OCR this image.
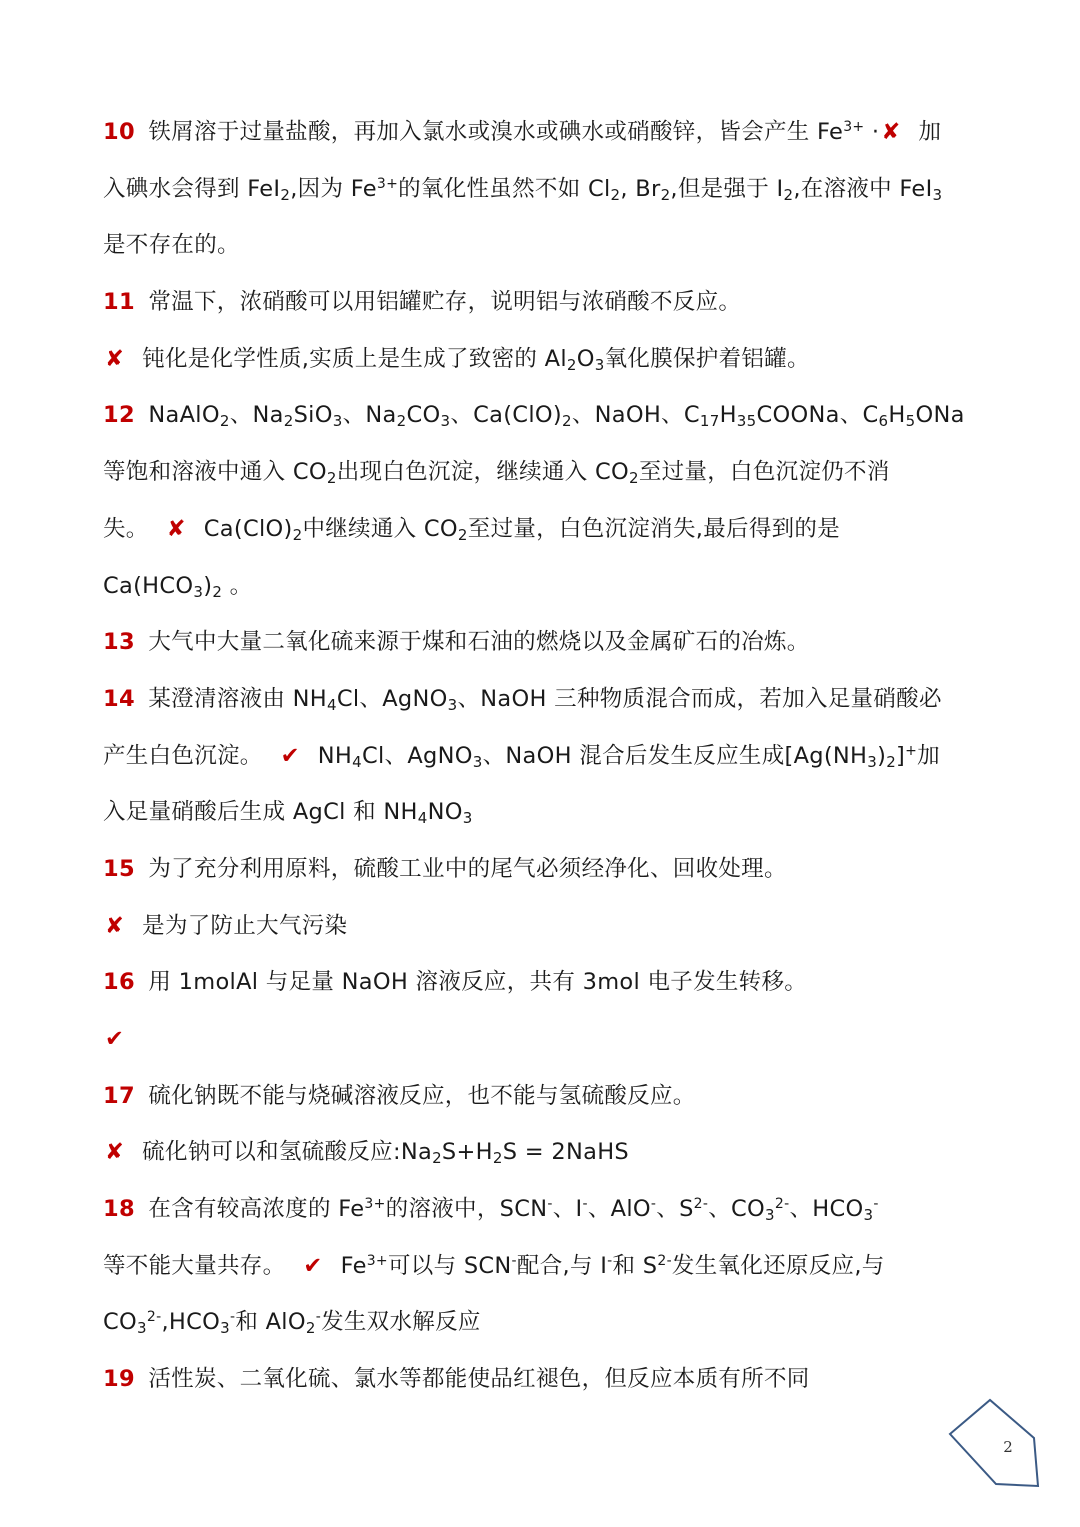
10 铁屑溶于过量盐酸，再加入氯水或溴水或碘水或硝酸锌，皆会产生 $Fe^{3+}$ ·✘ 加
入碘水会得到 FeI$_2$,因为 $Fe^{3+}$的氧化性虽然不如 $Cl_2$, $Br_2$,但是强于 $I_2$,在溶液中 FeI$_3$
是不存在的。
11 常温下，浓硝酸可以用铝罐贮存，说明铝与浓硝酸不反应。
✘ 钝化是化学性质,实质上是生成了致密的 $Al_2O_3$氧化膜保护着铝罐。
12 NaAlO$_2$、$Na_2SiO_3$、$Na_2CO_3$、$Ca(ClO)_2$、NaOH、$C_{17}H_{35}COONa$、$C_6H_5ONa$
等饱和溶液中通入 $CO_2$出现白色沉淀，继续通入 $CO_2$至过量，白色沉淀仍不消
失。 ✘ $Ca(ClO)_2$中继续通入 $CO_2$至过量，白色沉淀消失,最后得到的是
$Ca(HCO_3)_2$ 。
13 大气中大量二氧化硫来源于煤和石油的燃烧以及金属矿石的冶炼。
14 某澄清溶液由 $NH_4Cl$、AgNO$_3$、NaOH 三种物质混合而成，若加入足量硝酸必
产生白色沉淀。 ✔ $NH_4Cl$、AgNO$_3$、NaOH 混合后发生反应生成$[Ag(NH_3)_2]^+$加
入足量硝酸后生成 AgCl 和 $NH_4NO_3$
15 为了充分利用原料，硫酸工业中的尾气必须经净化、回收处理。
✘ 是为了防止大气污染
16 用 1molAl 与足量 NaOH 溶液反应，共有 3mol 电子发生转移。
✔
17 硫化钠既不能与烧碱溶液反应，也不能与氢硫酸反应。
✘ 硫化钠可以和氢硫酸反应$:Na_2S+H_2S$ = 2NaHS
18 在含有较高浓度的 $Fe^{3+}$的溶液中，SCN-、I-、AlO-、$S^{2-}$、$CO_3^{2-}$、$HCO_3^-$
等不能大量共存。 ✔ $Fe^{3+}$可以与 SCN-配合,与 I-和 $S^{2-}$发生氧化还原反应,与
$CO_3^{2-},HCO_3^-$和 AlO$_2$-发生双水解反应
19 活性炭、二氧化硫、氯水等都能使品红褪色，但反应本质有所不同
2
